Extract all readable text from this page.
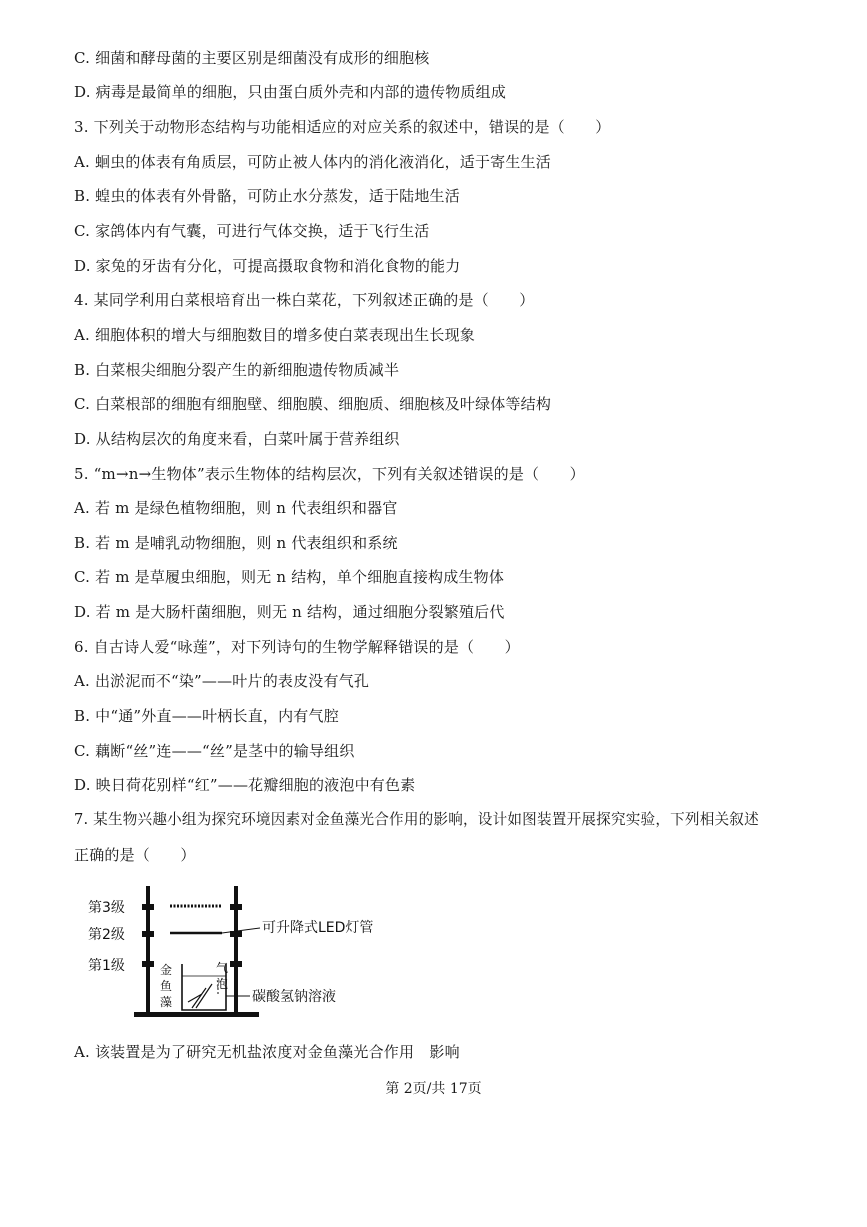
C. 细菌和酵母菌的主要区别是细菌没有成形的细胞核
D. 病毒是最简单的细胞，只由蛋白质外壳和内部的遗传物质组成
3. 下列关于动物形态结构与功能相适应的对应关系的叙述中，错误的是（　　）
A. 蛔虫的体表有角质层，可防止被人体内的消化液消化，适于寄生生活
B. 蝗虫的体表有外骨骼，可防止水分蒸发，适于陆地生活
C. 家鸽体内有气囊，可进行气体交换，适于飞行生活
D. 家兔的牙齿有分化，可提高摄取食物和消化食物的能力
4. 某同学利用白菜根培育出一株白菜花，下列叙述正确的是（　　）
A. 细胞体积的增大与细胞数目的增多使白菜表现出生长现象
B. 白菜根尖细胞分裂产生的新细胞遗传物质减半
C. 白菜根部的细胞有细胞壁、细胞膜、细胞质、细胞核及叶绿体等结构
D. 从结构层次的角度来看，白菜叶属于营养组织
5. “m→n→生物体”表示生物体的结构层次，下列有关叙述错误的是（　　）
A. 若 m 是绿色植物细胞，则 n 代表组织和器官
B. 若 m 是哺乳动物细胞，则 n 代表组织和系统
C. 若 m 是草履虫细胞，则无 n 结构，单个细胞直接构成生物体
D. 若 m 是大肠杆菌细胞，则无 n 结构，通过细胞分裂繁殖后代
6. 自古诗人爱“咏莲”，对下列诗句的生物学解释错误的是（　　）
A. 出淤泥而不“染”——叶片的表皮没有气孔
B. 中“通”外直——叶柄长直，内有气腔
C. 藕断“丝”连——“丝”是茎中的输导组织
D. 映日荷花别样“红”——花瓣细胞的液泡中有色素
7. 某生物兴趣小组为探究环境因素对金鱼藻光合作用的影响，设计如图装置开展探究实验，下列相关叙述
正确的是（　　）
A. 该装置是为了研究无机盐浓度对金鱼藻光合作用　影响
第3级
第2级
第1级
可升降式LED灯管
碳酸氢钠溶液
金
鱼
藻
气
泡
第 2页/共 17页
